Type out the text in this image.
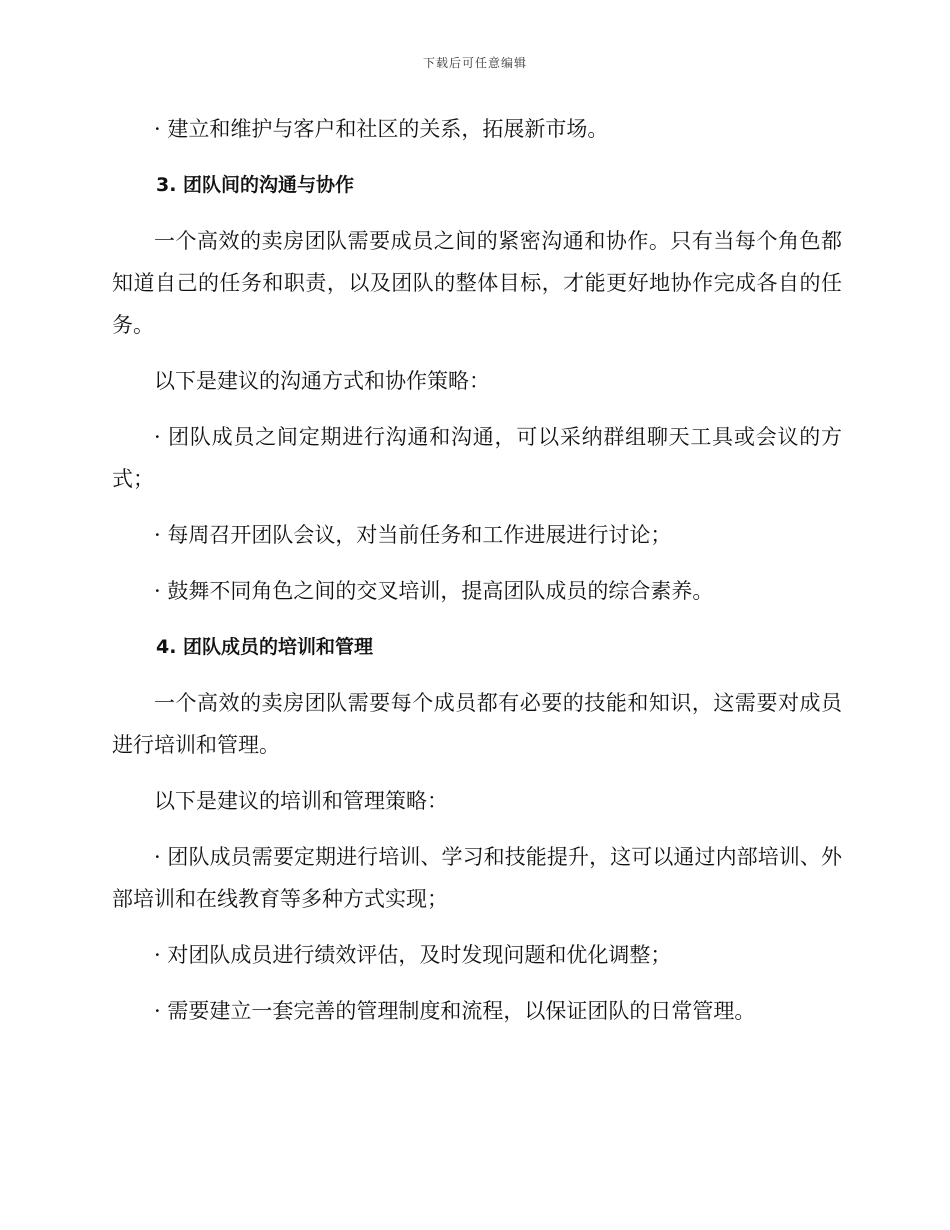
下载后可任意编辑

· 建立和维护与客户和社区的关系，拓展新市场。

3. 团队间的沟通与协作

一个高效的卖房团队需要成员之间的紧密沟通和协作。只有当每个角色都知道自己的任务和职责，以及团队的整体目标，才能更好地协作完成各自的任务。

以下是建议的沟通方式和协作策略：

· 团队成员之间定期进行沟通和沟通，可以采纳群组聊天工具或会议的方式；

· 每周召开团队会议，对当前任务和工作进展进行讨论；

· 鼓舞不同角色之间的交叉培训，提高团队成员的综合素养。

4. 团队成员的培训和管理

一个高效的卖房团队需要每个成员都有必要的技能和知识，这需要对成员进行培训和管理。

以下是建议的培训和管理策略：

· 团队成员需要定期进行培训、学习和技能提升，这可以通过内部培训、外部培训和在线教育等多种方式实现；

· 对团队成员进行绩效评估，及时发现问题和优化调整；

· 需要建立一套完善的管理制度和流程，以保证团队的日常管理。
